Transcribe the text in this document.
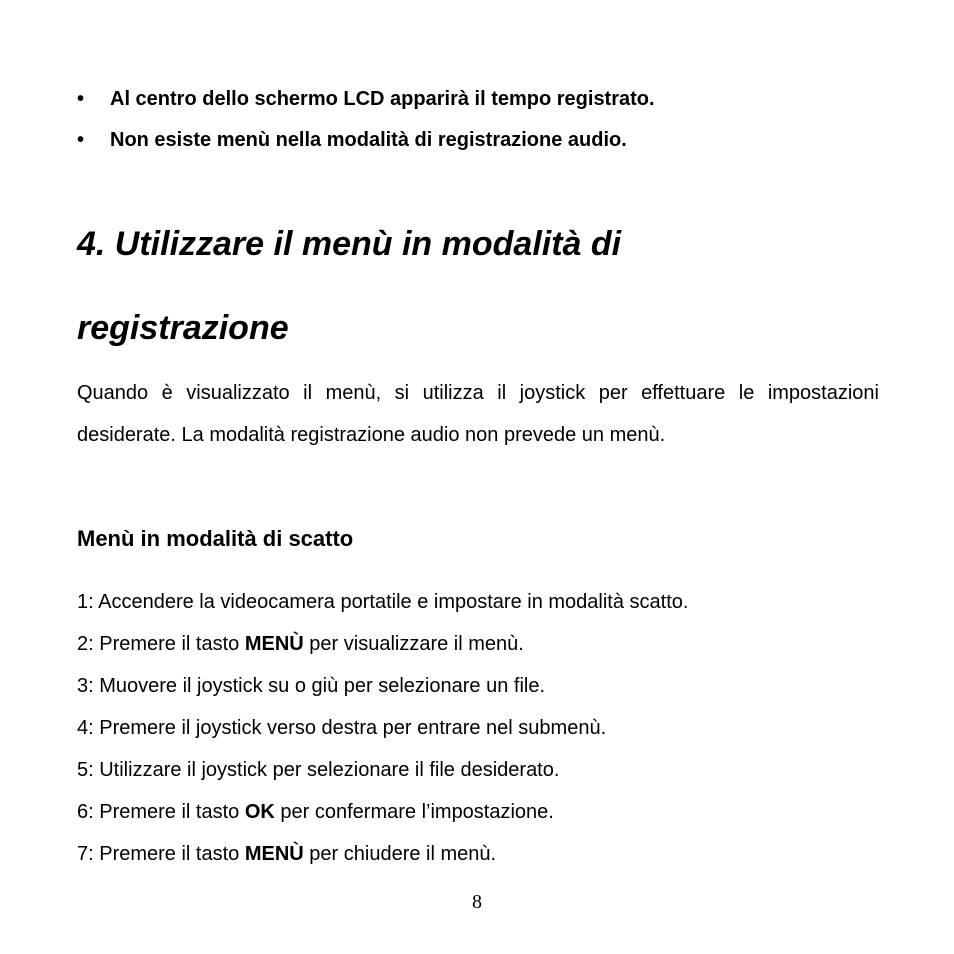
• Al centro dello schermo LCD apparirà il tempo registrato.
• Non esiste menù nella modalità di registrazione audio.
4. Utilizzare il menù in modalità di
registrazione

Quando è visualizzato il menù, si utilizza il joystick per effettuare le impostazioni desiderate. La modalità registrazione audio non prevede un menù.

Menù in modalità di scatto
1: Accendere la videocamera portatile e impostare in modalità scatto.
2: Premere il tasto MENÙ per visualizzare il menù.
3: Muovere il joystick su o giù per selezionare un file.
4: Premere il joystick verso destra per entrare nel submenù.
5: Utilizzare il joystick per selezionare il file desiderato.
6: Premere il tasto OK per confermare l’impostazione.
7: Premere il tasto MENÙ per chiudere il menù.
8
